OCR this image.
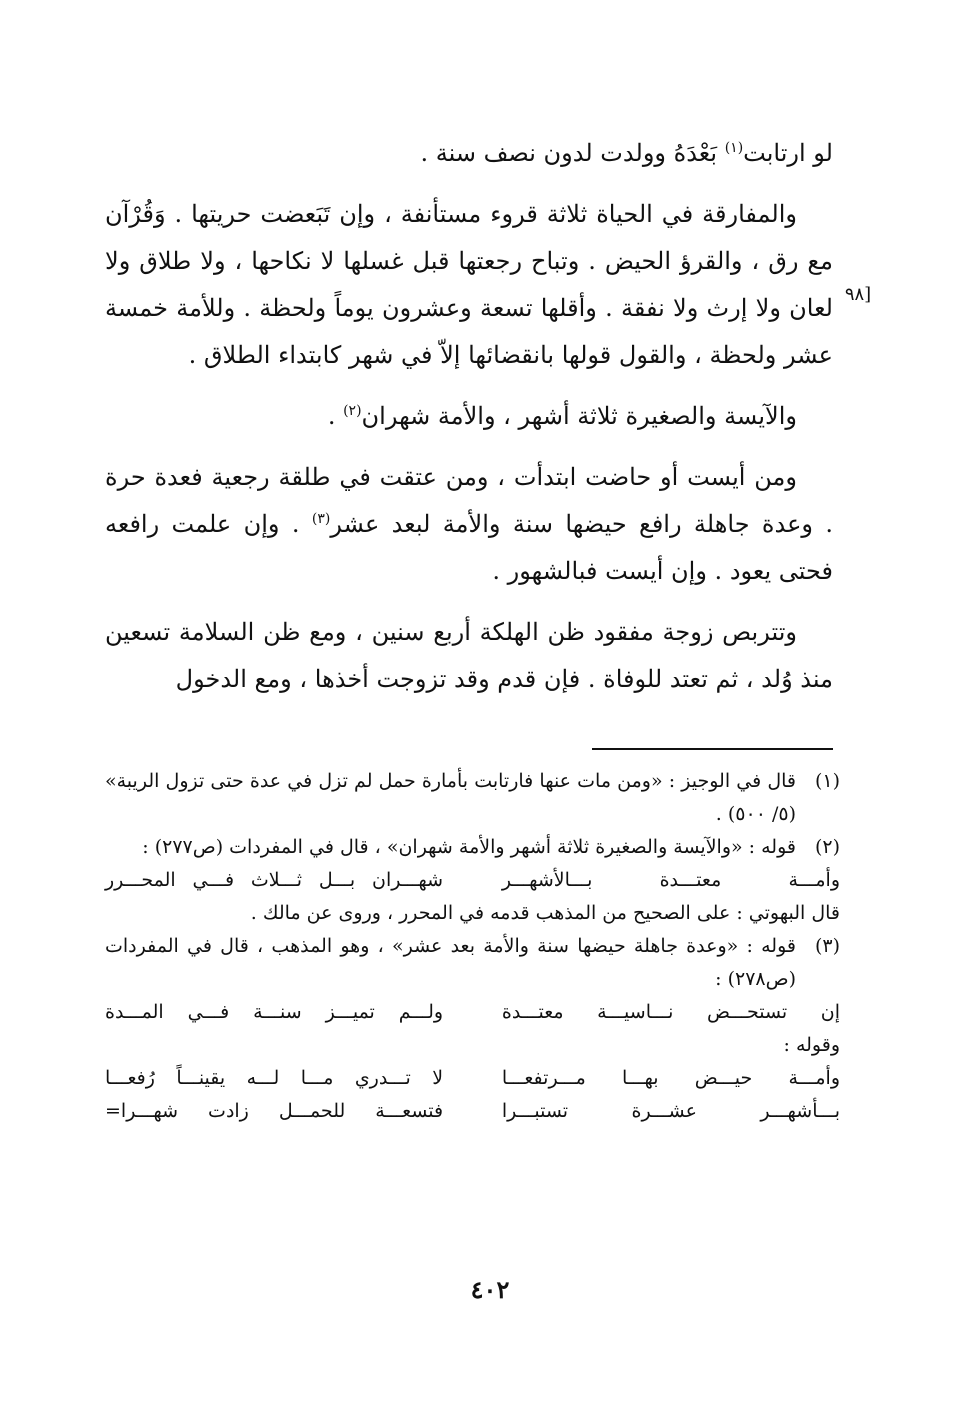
لو ارتابت$^{(١)}$ بَعْدَهُ وولدت لدون نصف سنة .

والمفارقة في الحياة ثلاثة قروء مستأنفة ، وإن تَبَعضت حريتها . وَقُرْآن مع رق ، والقرؤ الحيض . وتباح رجعتها قبل غسلها لا نكاحها ، ولا طلاق ولا لعان ولا إرث ولا نفقة . وأقلها تسعة وعشرون يوماً ولحظة . وللأمة خمسة عشر ولحظة ، والقول قولها بانقضائها إلاّ في شهر كابتداء الطلاق .

والآيسة والصغيرة ثلاثة أشهر ، والأمة شهران$^{(٢)}$ .

ومن أيست أو حاضت ابتدأت ، ومن عتقت في طلقة رجعية فعدة حرة . وعدة جاهلة رافع حيضها سنة والأمة لبعد عشر$^{(٣)}$ . وإن علمت رافعه فحتى يعود . وإن أيست فبالشهور .

وتتربص زوجة مفقود ظن الهلكة أربع سنين ، ومع ظن السلامة تسعين منذ وُلد ، ثم تعتد للوفاة . فإن قدم وقد تزوجت أخذها ، ومع الدخول

[٩٨
(١)
قال في الوجيز : «ومن مات عنها فارتابت بأمارة حمل لم تزل في عدة حتى تزول الريبة» (٥/ ٥٠٠) .
(٢)
قوله : «والآيسة والصغيرة ثلاثة أشهر والأمة شهران» ، قال في المفردات (ص٢٧٧) :
وأمـــة معتـــدة بـــالأشهـــر
شهـــران بـــل ثـــلاث فـــي المحـــرر
قال البهوتي : على الصحيح من المذهب قدمه في المحرر ، وروى عن مالك .
(٣)
قوله : «وعدة جاهلة حيضها سنة والأمة بعد عشر» ، وهو المذهب ، قال في المفردات (ص٢٧٨) :
إن تستحـــض نـــاسيـــة معتـــدة
ولـــم تميـــز سنـــة فـــي المـــدة
وقوله :
وأمـــة حيـــض بهـــا مـــرتفعـــا
لا تـــدري مـــا لـــه يقينـــاً رُفعـــا
بـــأشهـــر عشـــرة تستبـــرا
فتسعـــة للحمـــل زادت شهـــرا=
٤٠٢
